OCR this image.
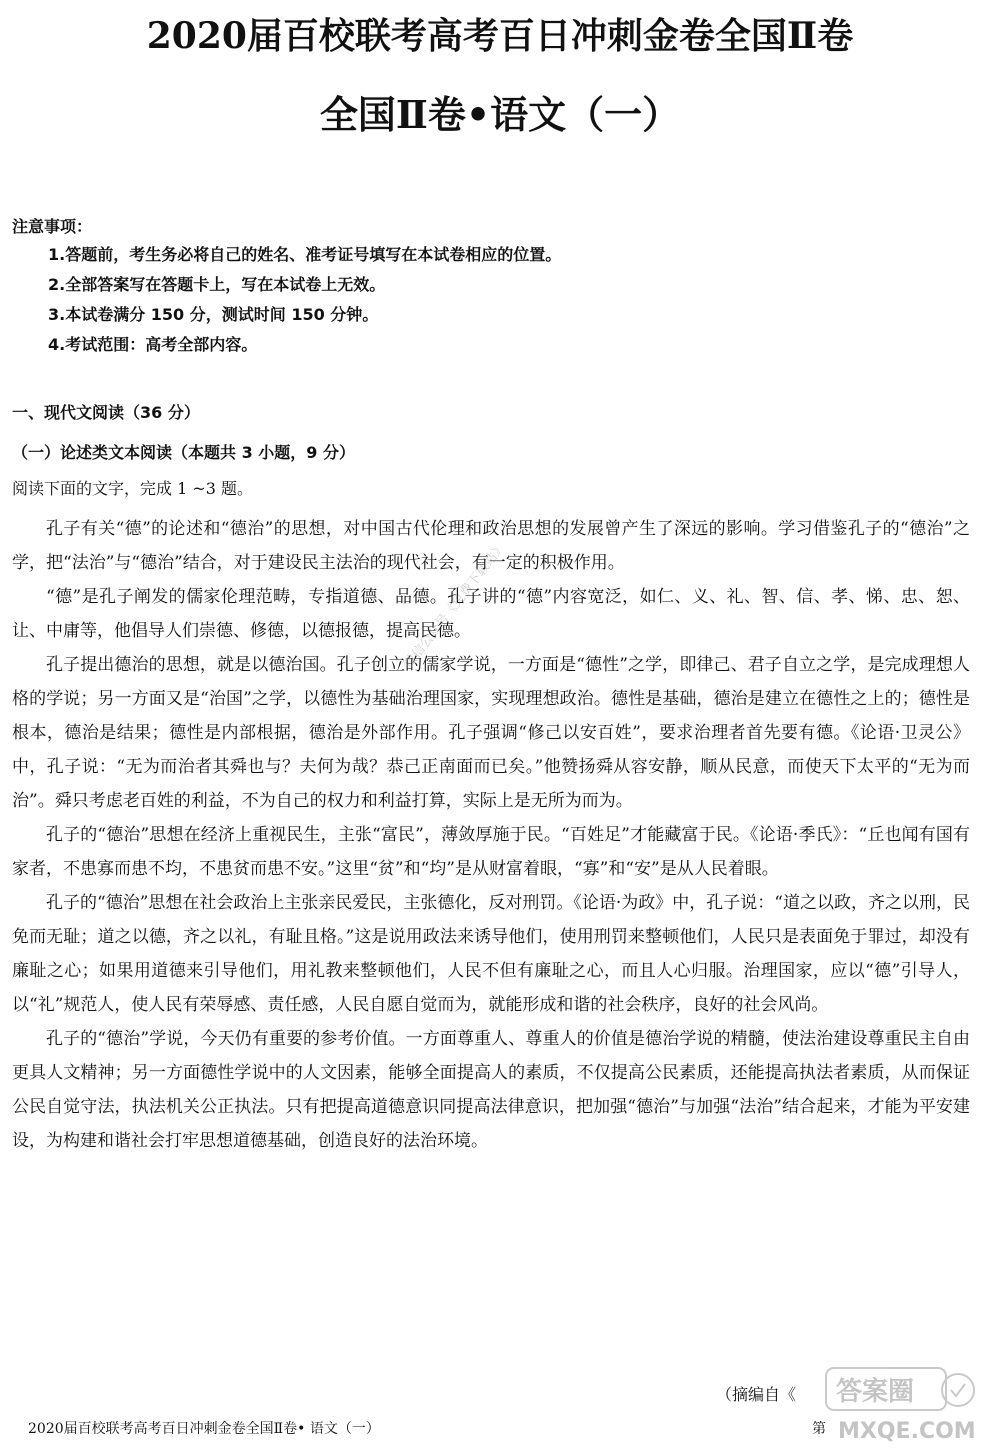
2020届百校联考高考百日冲刺金卷全国Ⅱ卷
全国Ⅱ卷•语文（一）
注意事项：
1.答题前，考生务必将自己的姓名、准考证号填写在本试卷相应的位置。
2.全部答案写在答题卡上，写在本试卷上无效。
3.本试卷满分 150 分，测试时间 150 分钟。
4.考试范围：高考全部内容。
一、现代文阅读（36 分）
（一）论述类文本阅读（本题共 3 小题，9 分）
阅读下面的文字，完成 1 ~3 题。

孔子有关“德”的论述和“德治”的思想，对中国古代伦理和政治思想的发展曾产生了深远的影响。学习借鉴孔子的“德治”之学，把“法治”与“德治”结合，对于建设民主法治的现代社会，有一定的积极作用。

“德”是孔子阐发的儒家伦理范畴，专指道德、品德。孔子讲的“德”内容宽泛，如仁、义、礼、智、信、孝、悌、忠、恕、让、中庸等，他倡导人们崇德、修德，以德报德，提高民德。

孔子提出德治的思想，就是以德治国。孔子创立的儒家学说，一方面是“德性”之学，即律己、君子自立之学，是完成理想人格的学说；另一方面又是“治国”之学，以德性为基础治理国家，实现理想政治。德性是基础，德治是建立在德性之上的；德性是根本，德治是结果；德性是内部根据，德治是外部作用。孔子强调“修己以安百姓”，要求治理者首先要有德。《论语·卫灵公》中，孔子说：“无为而治者其舜也与？夫何为哉？恭己正南面而已矣。”他赞扬舜从容安静，顺从民意，而使天下太平的“无为而治”。舜只考虑老百姓的利益，不为自己的权力和利益打算，实际上是无所为而为。

孔子的“德治”思想在经济上重视民生，主张“富民”，薄敛厚施于民。“百姓足”才能藏富于民。《论语·季氏》：“丘也闻有国有家者，不患寡而患不均，不患贫而患不安。”这里“贫”和“均”是从财富着眼，“寡”和“安”是从人民着眼。

孔子的“德治”思想在社会政治上主张亲民爱民，主张德化，反对刑罚。《论语·为政》中，孔子说：“道之以政，齐之以刑，民免而无耻；道之以德，齐之以礼，有耻且格。”这是说用政法来诱导他们，使用刑罚来整顿他们，人民只是表面免于罪过，却没有廉耻之心；如果用道德来引导他们，用礼教来整顿他们，人民不但有廉耻之心，而且人心归服。治理国家，应以“德”引导人，以“礼”规范人，使人民有荣辱感、责任感，人民自愿自觉而为，就能形成和谐的社会秩序，良好的社会风尚。

孔子的“德治”学说，今天仍有重要的参考价值。一方面尊重人、尊重人的价值是德治学说的精髓，使法治建设尊重民主自由更具人文精神；另一方面德性学说中的人文因素，能够全面提高人的素质，不仅提高公民素质，还能提高执法者素质，从而保证公民自觉守法，执法机关公正执法。只有把提高道德意识同提高法律意识，把加强“德治”与加强“法治”结合起来，才能为平安建设，为构建和谐社会打牢思想道德基础，创造良好的法治环境。

（摘编自《
2020届百校联考高考百日冲刺金卷全国Ⅱ卷• 语文（一）	第
微信公众号《免费下载站》
答案圈
MXQE.COM
